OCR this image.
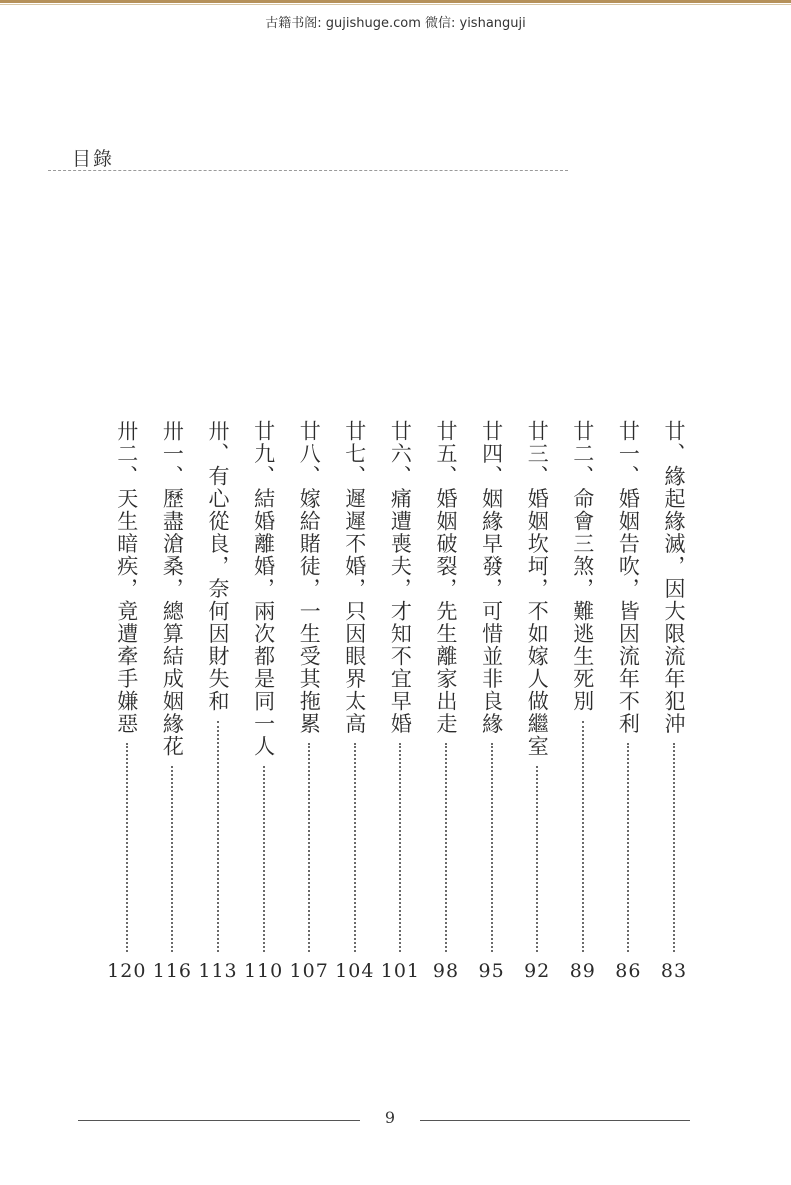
古籍书阁: gujishuge.com 微信: yishanguji
目錄
廿、緣起緣滅，因大限流年犯沖
83
廿一、婚姻告吹，皆因流年不利
86
廿二、命會三煞，難逃生死別
89
廿三、婚姻坎坷，不如嫁人做繼室
92
廿四、姻緣早發，可惜並非良緣
95
廿五、婚姻破裂，先生離家出走
98
廿六、痛遭喪夫，才知不宜早婚
101
廿七、遲遲不婚，只因眼界太高
104
廿八、嫁給賭徒，一生受其拖累
107
廿九、結婚離婚，兩次都是同一人
110
卅、有心從良，奈何因財失和
113
卅一、歷盡滄桑，總算結成姻緣花
116
卅二、天生暗疾，竟遭牽手嫌惡
120
9
